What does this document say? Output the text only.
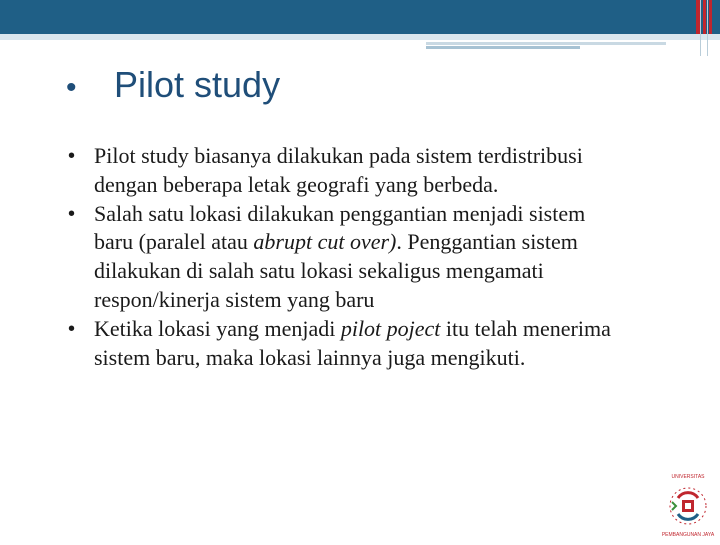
•	Pilot study
• Pilot study biasanya dilakukan pada sistem terdistribusi dengan beberapa letak geografi yang berbeda.
• Salah satu lokasi dilakukan penggantian menjadi sistem baru (paralel atau abrupt cut over). Penggantian sistem dilakukan di salah satu lokasi sekaligus mengamati respon/kinerja sistem yang baru
• Ketika lokasi yang menjadi pilot poject itu telah menerima sistem baru, maka lokasi lainnya juga mengikuti.
UNIVERSITAS
PEMBANGUNAN JAYA
